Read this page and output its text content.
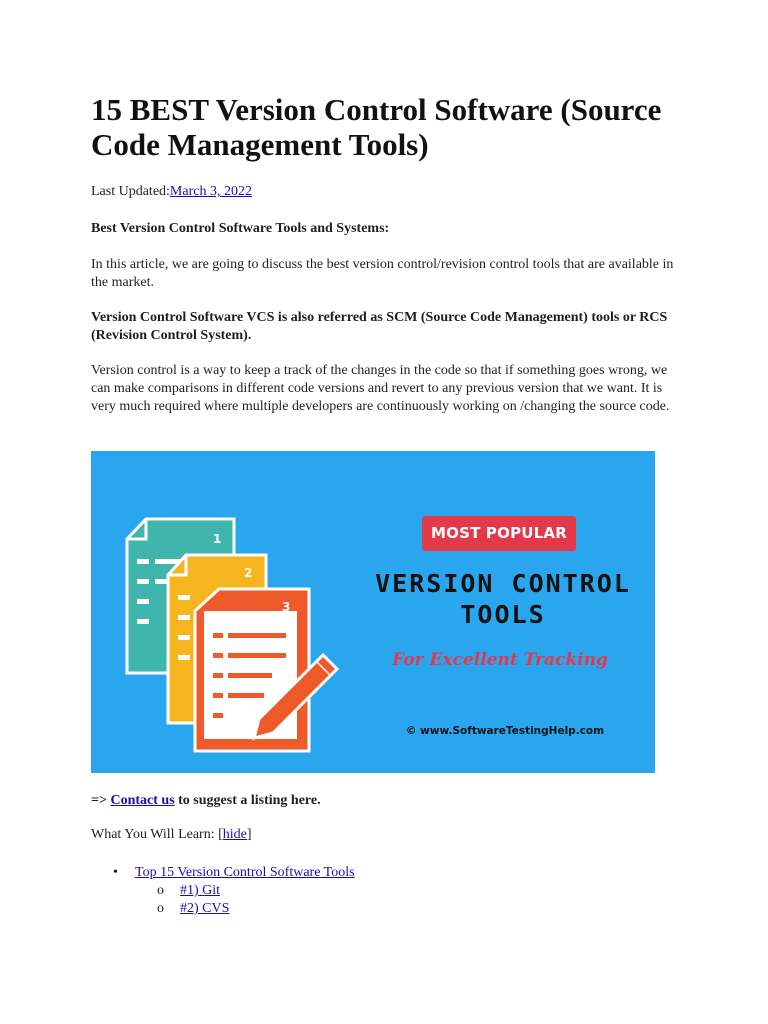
15 BEST Version Control Software (Source Code Management Tools)

Last Updated:March 3, 2022

Best Version Control Software Tools and Systems:

In this article, we are going to discuss the best version control/revision control tools that are available in the market.

Version Control Software VCS is also referred as SCM (Source Code Management) tools or RCS (Revision Control System).

Version control is a way to keep a track of the changes in the code so that if something goes wrong, we can make comparisons in different code versions and revert to any previous version that we want. It is very much required where multiple developers are continuously working on /changing the source code.

1
2
3
MOST POPULAR
VERSION CONTROL
TOOLS
For Excellent Tracking
© www.SoftwareTestingHelp.com

=> Contact us to suggest a listing here.

What You Will Learn: [hide]

• Top 15 Version Control Software Tools
o #1) Git
o #2) CVS
